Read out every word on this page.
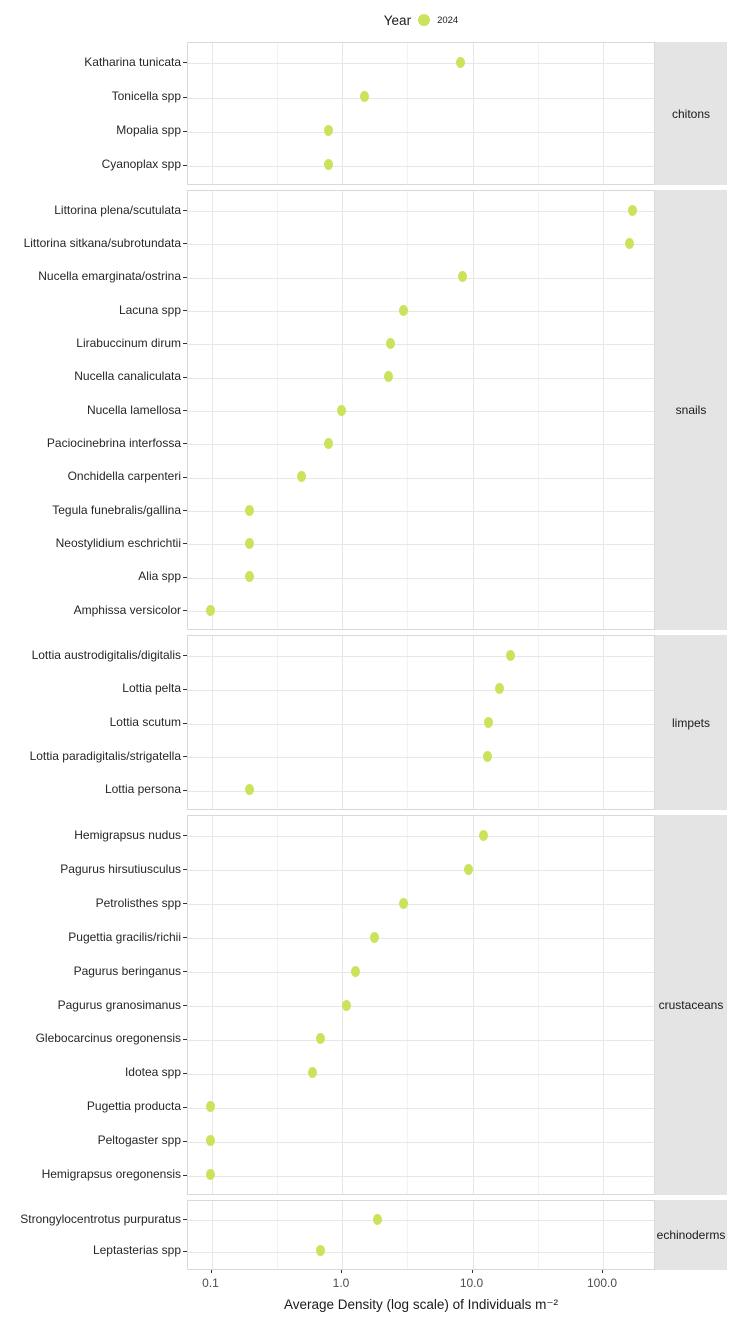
Year	2024
chitons
Katharina tunicata
Tonicella spp
Mopalia spp
Cyanoplax spp
snails
Littorina plena/scutulata
Littorina sitkana/subrotundata
Nucella emarginata/ostrina
Lacuna spp
Lirabuccinum dirum
Nucella canaliculata
Nucella lamellosa
Paciocinebrina interfossa
Onchidella carpenteri
Tegula funebralis/gallina
Neostylidium eschrichtii
Alia spp
Amphissa versicolor
limpets
Lottia austrodigitalis/digitalis
Lottia pelta
Lottia scutum
Lottia paradigitalis/strigatella
Lottia persona
crustaceans
Hemigrapsus nudus
Pagurus hirsutiusculus
Petrolisthes spp
Pugettia gracilis/richii
Pagurus beringanus
Pagurus granosimanus
Glebocarcinus oregonensis
Idotea spp
Pugettia producta
Peltogaster spp
Hemigrapsus oregonensis
echinoderms
Strongylocentrotus purpuratus
Leptasterias spp
0.1	1.0	10.0	100.0
Average Density (log scale) of Individuals m⁻²
